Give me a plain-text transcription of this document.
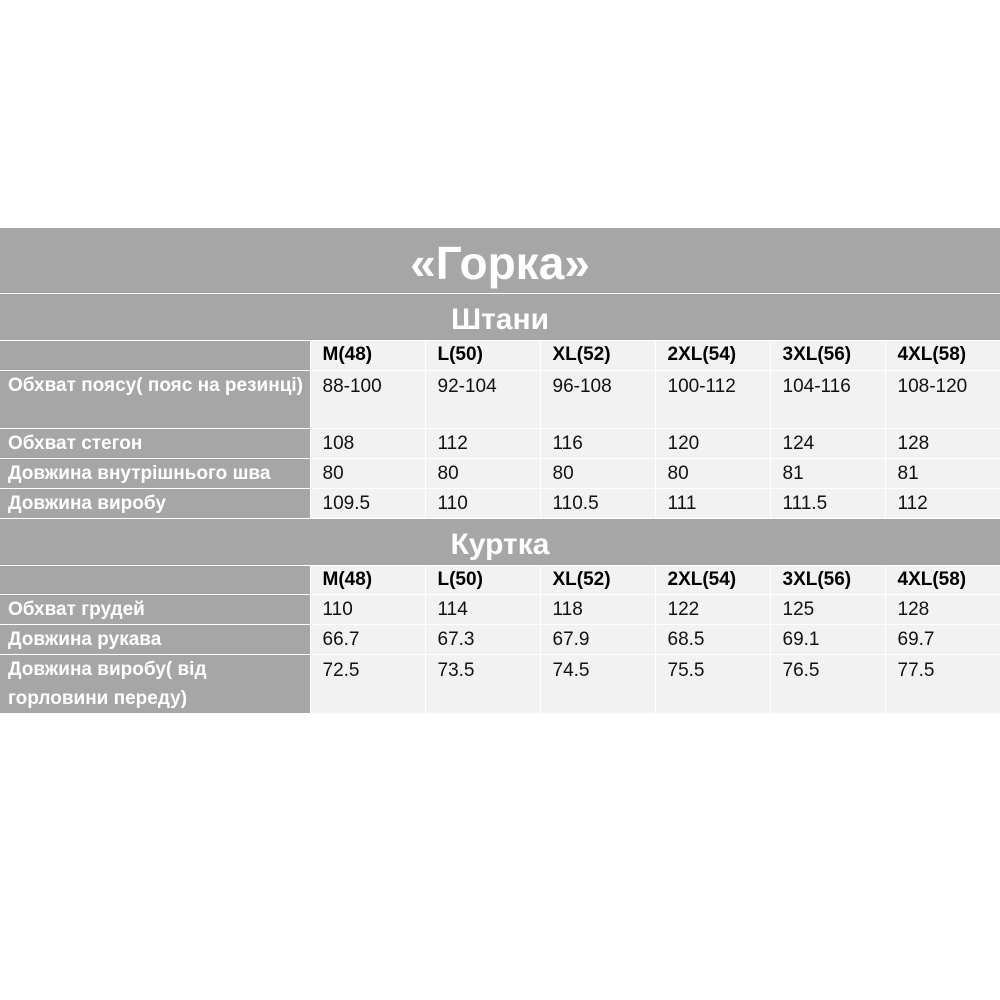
«Горка»
Штани
	M(48)	L(50)	XL(52)	2XL(54)	3XL(56)	4XL(58)
Обхват поясу( пояс на резинці)	88-100	92-104	96-108	100-112	104-116	108-120
Обхват стегон	108	112	116	120	124	128
Довжина внутрішнього шва	80	80	80	80	81	81
Довжина виробу	109.5	110	110.5	111	111.5	112
Куртка
	M(48)	L(50)	XL(52)	2XL(54)	3XL(56)	4XL(58)
Обхват грудей	110	114	118	122	125	128
Довжина рукава	66.7	67.3	67.9	68.5	69.1	69.7
Довжина виробу( від горловини переду)	72.5	73.5	74.5	75.5	76.5	77.5
